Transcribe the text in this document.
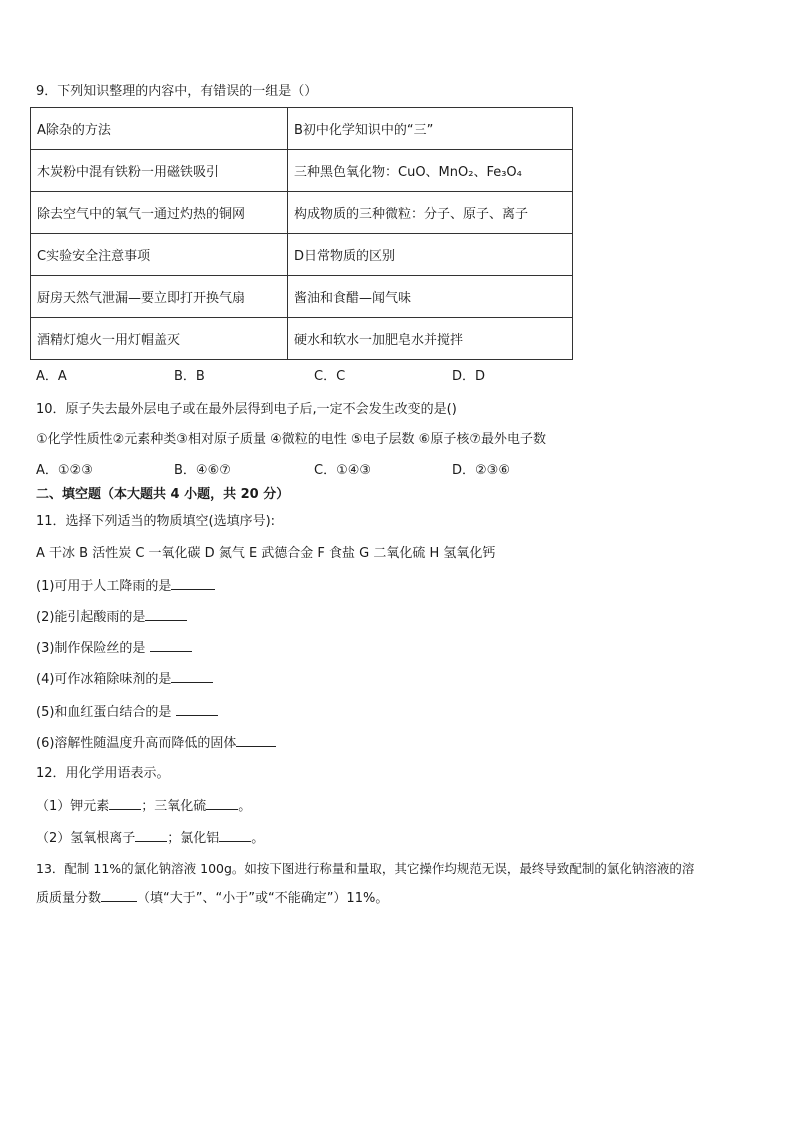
9．下列知识整理的内容中，有错误的一组是（）
A除杂的方法	B初中化学知识中的“三”
木炭粉中混有铁粉一用磁铁吸引	三种黑色氧化物：CuO、MnO₂、Fe₃O₄
除去空气中的氧气一通过灼热的铜网	构成物质的三种微粒：分子、原子、离子
C实验安全注意事项	D日常物质的区别
厨房天然气泄漏—要立即打开换气扇	酱油和食醋—闻气味
酒精灯熄火一用灯帽盖灭	硬水和软水一加肥皂水并搅拌
A．A	B．B	C．C	D．D
10．原子失去最外层电子或在最外层得到电子后,一定不会发生改变的是()
①化学性质性②元素种类③相对原子质量 ④微粒的电性 ⑤电子层数 ⑥原子核⑦最外电子数
A．①②③	B．④⑥⑦	C．①④③	D．②③⑥
二、填空题（本大题共 4 小题，共 20 分）
11．选择下列适当的物质填空(选填序号):
A 干冰 B 活性炭 C 一氧化碳 D 氮气 E 武德合金 F 食盐 G 二氧化硫 H 氢氧化钙
(1)可用于人工降雨的是
(2)能引起酸雨的是
(3)制作保险丝的是
(4)可作冰箱除味剂的是
(5)和血红蛋白结合的是
(6)溶解性随温度升高而降低的固体
12．用化学用语表示。
（1）钾元素 ；三氧化硫 。
（2）氢氧根离子 ；氯化铝 。
13．配制 11%的氯化钠溶液 100g。如按下图进行称量和量取，其它操作均规范无误，最终导致配制的氯化钠溶液的溶
质质量分数	（填“大于”、“小于”或“不能确定”）11%。
